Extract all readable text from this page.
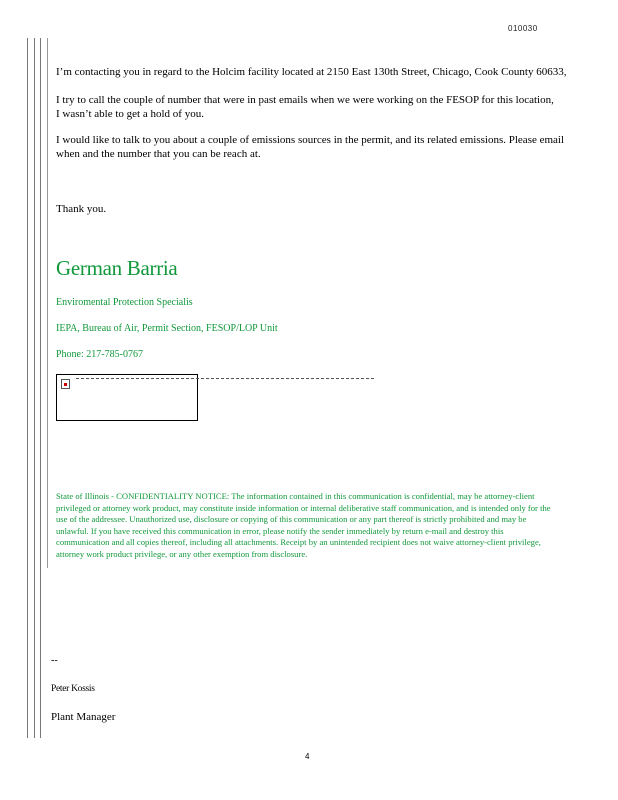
010030

I’m contacting you in regard to the Holcim facility located at 2150 East 130th Street, Chicago, Cook County 60633,

I try to call the couple of number that were in past emails when we were working on the FESOP for this location,
I wasn’t able to get a hold of you.

I would like to talk to you about a couple of emissions sources in the permit, and its related emissions. Please email
when and the number that you can be reach at.

Thank you.

German Barria
Enviromental Protection Specialis
IEPA, Bureau of Air, Permit Section, FESOP/LOP Unit
Phone: 217-785-0767
State of Illinois - CONFIDENTIALITY NOTICE: The information contained in this communication is confidential, may be attorney-client privileged or attorney work product, may constitute inside information or internal deliberative staff communication, and is intended only for the use of the addressee. Unauthorized use, disclosure or copying of this communication or any part thereof is strictly prohibited and may be unlawful. If you have received this communication in error, please notify the sender immediately by return e-mail and destroy this communication and all copies thereof, including all attachments. Receipt by an unintended recipient does not waive attorney-client privilege, attorney work product privilege, or any other exemption from disclosure.
--
Peter Kossis
Plant Manager
4
